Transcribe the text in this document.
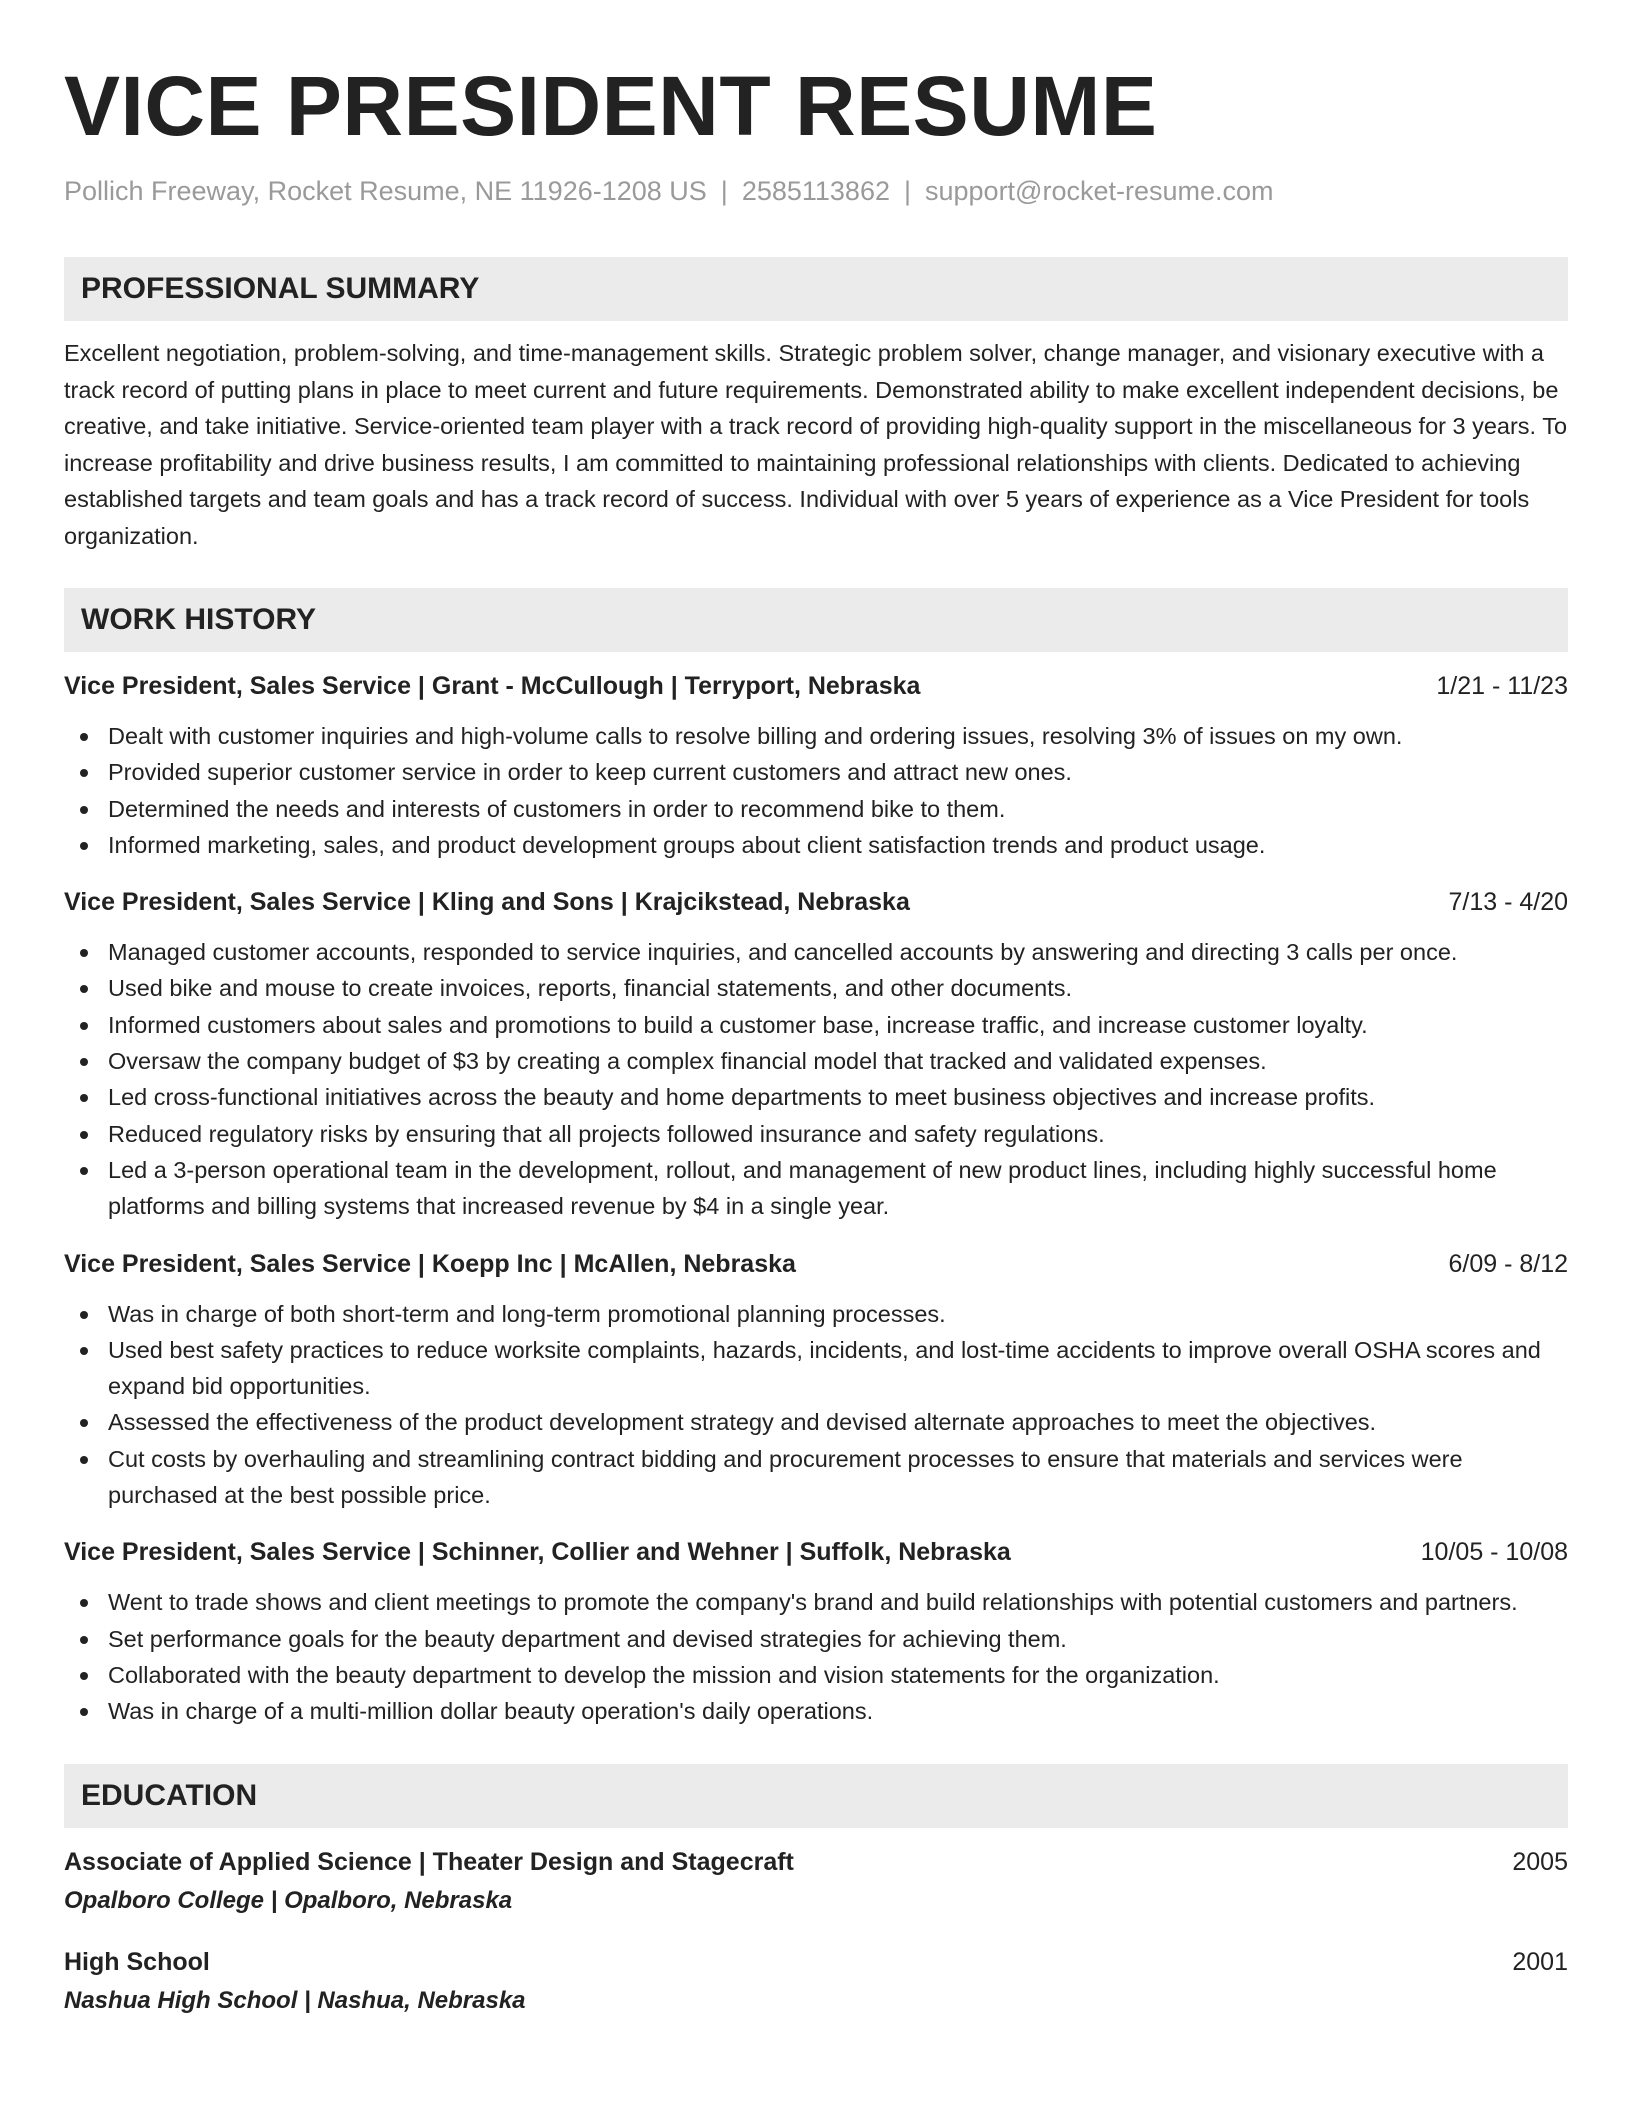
VICE PRESIDENT RESUME
Pollich Freeway, Rocket Resume, NE 11926-1208 US | 2585113862 | support@rocket-resume.com
PROFESSIONAL SUMMARY

Excellent negotiation, problem-solving, and time-management skills. Strategic problem solver, change manager, and visionary executive with a track record of putting plans in place to meet current and future requirements. Demonstrated ability to make excellent independent decisions, be creative, and take initiative. Service-oriented team player with a track record of providing high-quality support in the miscellaneous for 3 years. To increase profitability and drive business results, I am committed to maintaining professional relationships with clients. Dedicated to achieving established targets and team goals and has a track record of success. Individual with over 5 years of experience as a Vice President for tools organization.

WORK HISTORY
Vice President, Sales Service | Grant - McCullough | Terryport, Nebraska	1/21 - 11/23
Dealt with customer inquiries and high-volume calls to resolve billing and ordering issues, resolving 3% of issues on my own.
Provided superior customer service in order to keep current customers and attract new ones.
Determined the needs and interests of customers in order to recommend bike to them.
Informed marketing, sales, and product development groups about client satisfaction trends and product usage.
Vice President, Sales Service | Kling and Sons | Krajcikstead, Nebraska	7/13 - 4/20
Managed customer accounts, responded to service inquiries, and cancelled accounts by answering and directing 3 calls per once.
Used bike and mouse to create invoices, reports, financial statements, and other documents.
Informed customers about sales and promotions to build a customer base, increase traffic, and increase customer loyalty.
Oversaw the company budget of $3 by creating a complex financial model that tracked and validated expenses.
Led cross-functional initiatives across the beauty and home departments to meet business objectives and increase profits.
Reduced regulatory risks by ensuring that all projects followed insurance and safety regulations.
Led a 3-person operational team in the development, rollout, and management of new product lines, including highly successful home platforms and billing systems that increased revenue by $4 in a single year.
Vice President, Sales Service | Koepp Inc | McAllen, Nebraska	6/09 - 8/12
Was in charge of both short-term and long-term promotional planning processes.
Used best safety practices to reduce worksite complaints, hazards, incidents, and lost-time accidents to improve overall OSHA scores and expand bid opportunities.
Assessed the effectiveness of the product development strategy and devised alternate approaches to meet the objectives.
Cut costs by overhauling and streamlining contract bidding and procurement processes to ensure that materials and services were purchased at the best possible price.
Vice President, Sales Service | Schinner, Collier and Wehner | Suffolk, Nebraska	10/05 - 10/08
Went to trade shows and client meetings to promote the company's brand and build relationships with potential customers and partners.
Set performance goals for the beauty department and devised strategies for achieving them.
Collaborated with the beauty department to develop the mission and vision statements for the organization.
Was in charge of a multi-million dollar beauty operation's daily operations.
EDUCATION
Associate of Applied Science | Theater Design and Stagecraft	2005
Opalboro College | Opalboro, Nebraska
High School	2001
Nashua High School | Nashua, Nebraska
